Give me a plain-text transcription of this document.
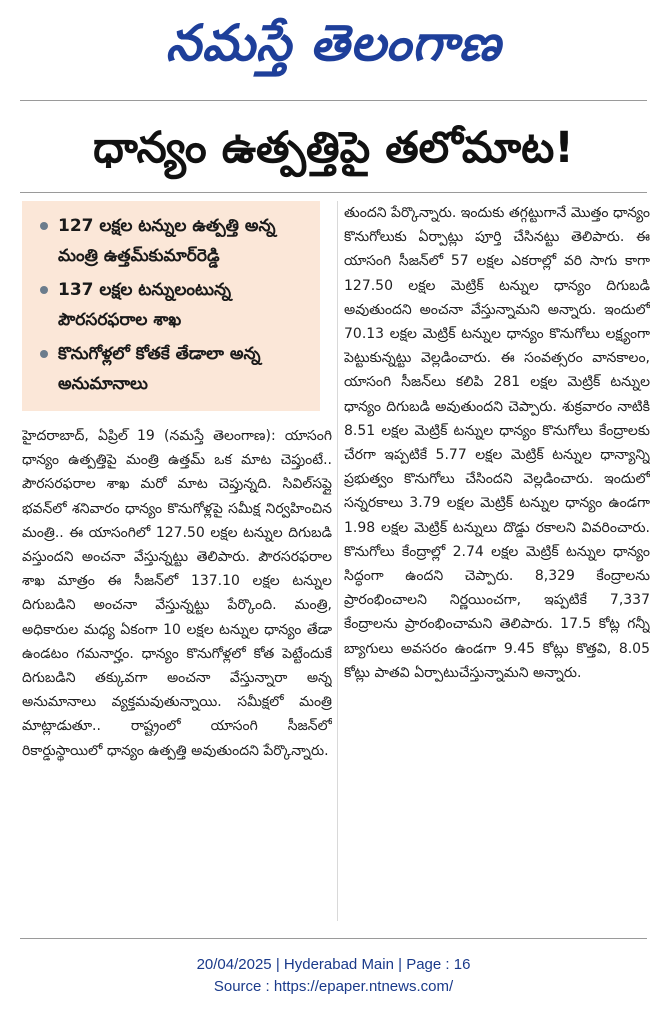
నమస్తే తెలంగాణ
ధాన్యం ఉత్పత్తిపై తలోమాట!
127 లక్షల టన్నుల ఉత్పత్తి అన్న మంత్రి ఉత్తమ్‌కుమార్‌రెడ్డి
137 లక్షల టన్నులంటున్న పౌరసరఫరాల శాఖ
కొనుగోళ్లలో కోతకే తేడాలా అన్న అనుమానాలు
హైదరాబాద్‌, ఏప్రిల్‌ 19 (నమస్తే తెలంగాణ): యాసంగి ధాన్యం ఉత్పత్తిపై మంత్రి ఉత్తమ్‌ ఒక మాట చెప్తుంటే.. పౌరసరఫరాల శాఖ మరో మాట చెప్తున్నది. సివిల్‌సప్లై భవన్‌లో శనివారం ధాన్యం కొనుగోళ్లపై సమీక్ష నిర్వహించిన మంత్రి.. ఈ యాసంగిలో 127.50 లక్షల టన్నుల దిగుబడి వస్తుందని అంచనా వేస్తున్నట్టు తెలిపారు. పౌరసరఫరాల శాఖ మాత్రం ఈ సీజన్‌లో 137.10 లక్షల టన్నుల దిగుబడిని అంచనా వేస్తున్నట్టు పేర్కొంది. మంత్రి, అధికారుల మధ్య ఏకంగా 10 లక్షల టన్నుల ధాన్యం తేడా ఉండటం గమనార్హం. ధాన్యం కొనుగోళ్లలో కోత పెట్టేందుకే దిగుబడిని తక్కువగా అంచనా వేస్తున్నారా అన్న అనుమానాలు వ్యక్తమవుతున్నాయి. సమీక్షలో మంత్రి మాట్లాడుతూ.. రాష్ట్రంలో యాసంగి సీజన్‌లో రికార్డుస్థాయిలో ధాన్యం ఉత్పత్తి అవుతుందని పేర్కొన్నారు.
తుందని పేర్కొన్నారు. ఇందుకు తగ్గట్టుగానే మొత్తం ధాన్యం కొనుగోలుకు ఏర్పాట్లు పూర్తి చేసినట్టు తెలిపారు. ఈ యాసంగి సీజన్‌లో 57 లక్షల ఎకరాల్లో వరి సాగు కాగా 127.50 లక్షల మెట్రిక్‌ టన్నుల ధాన్యం దిగుబడి అవుతుందని అంచనా వేస్తున్నామని అన్నారు. ఇందులో 70.13 లక్షల మెట్రిక్‌ టన్నుల ధాన్యం కొనుగోలు లక్ష్యంగా పెట్టుకున్నట్టు వెల్లడించారు. ఈ సంవత్సరం వానకాలం, యాసంగి సీజన్‌లు కలిపి 281 లక్షల మెట్రిక్‌ టన్నుల ధాన్యం దిగుబడి అవుతుందని చెప్పారు. శుక్రవారం నాటికి 8.51 లక్షల మెట్రిక్‌ టన్నుల ధాన్యం కొనుగోలు కేంద్రాలకు చేరగా ఇప్పటికే 5.77 లక్షల మెట్రిక్‌ టన్నుల ధాన్యాన్ని ప్రభుత్వం కొనుగోలు చేసిందని వెల్లడించారు. ఇందులో సన్నరకాలు 3.79 లక్షల మెట్రిక్‌ టన్నుల ధాన్యం ఉండగా 1.98 లక్షల మెట్రిక్‌ టన్నులు దొడ్డు రకాలని వివరించారు. కొనుగోలు కేంద్రాల్లో 2.74 లక్షల మెట్రిక్‌ టన్నుల ధాన్యం సిద్ధంగా ఉందని చెప్పారు. 8,329 కేంద్రాలను ప్రారంభించాలని నిర్ణయించగా, ఇప్పటికే 7,337 కేంద్రాలను ప్రారంభించామని తెలిపారు. 17.5 కోట్ల గన్నీ బ్యాగులు అవసరం ఉండగా 9.45 కోట్లు కొత్తవి, 8.05 కోట్లు పాతవి ఏర్పాటుచేస్తున్నామని అన్నారు.
20/04/2025 | Hyderabad Main | Page : 16
Source : https://epaper.ntnews.com/
